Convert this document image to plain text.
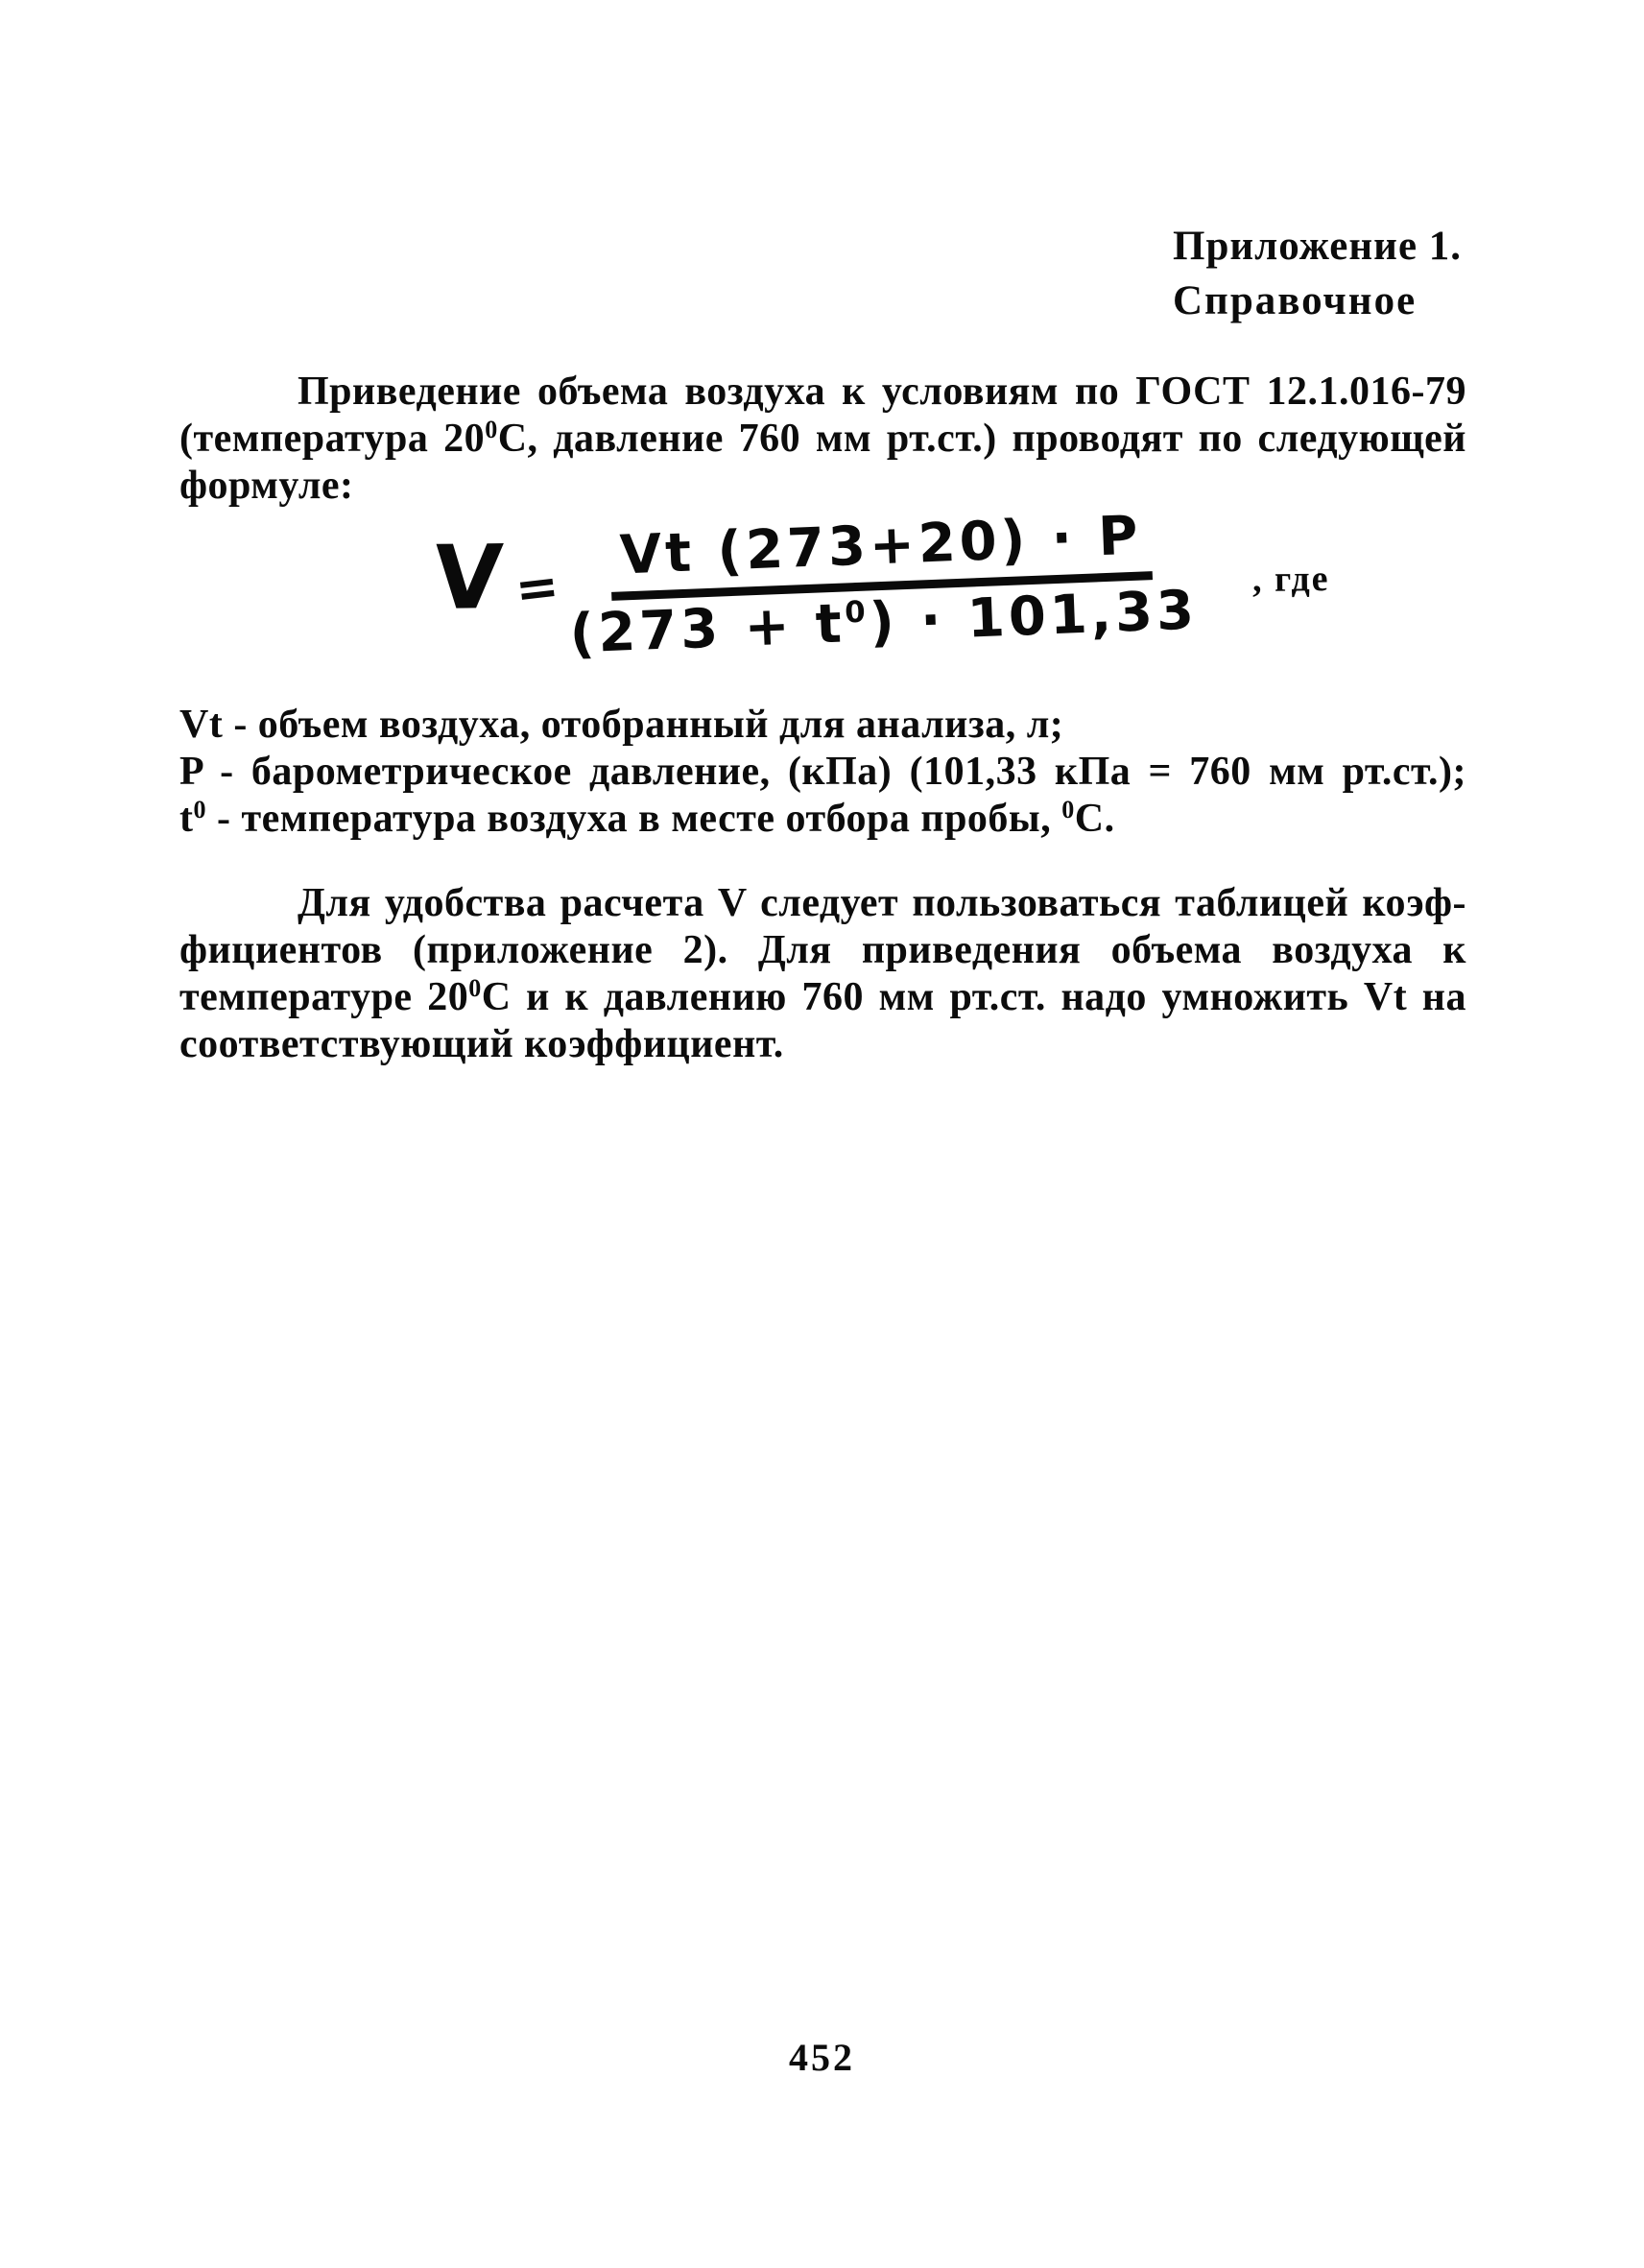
Приложение 1.
Справочное
Приведение объема воздуха к условиям по ГОСТ 12.1.016-79
(температура $20^0С$, давление 760 мм рт.ст.) проводят по следующей
формуле:
V =
Vt (273+20) · P
$(273 + t^0) \cdot 101,33$ , где
Vt - объем воздуха, отобранный для анализа, л;
P - барометрическое давление, (кПа) (101,33 кПа = 760 мм рт.ст.);
$t^0$ - температура воздуха в месте отбора пробы, $^0$С.
Для удобства расчета V следует пользоваться таблицей коэф-
фициентов (приложение 2). Для приведения объема воздуха к
температуре $20^0С$ и к давлению 760 мм рт.ст. надо умножить Vt на
соответствующий коэффициент.
452
